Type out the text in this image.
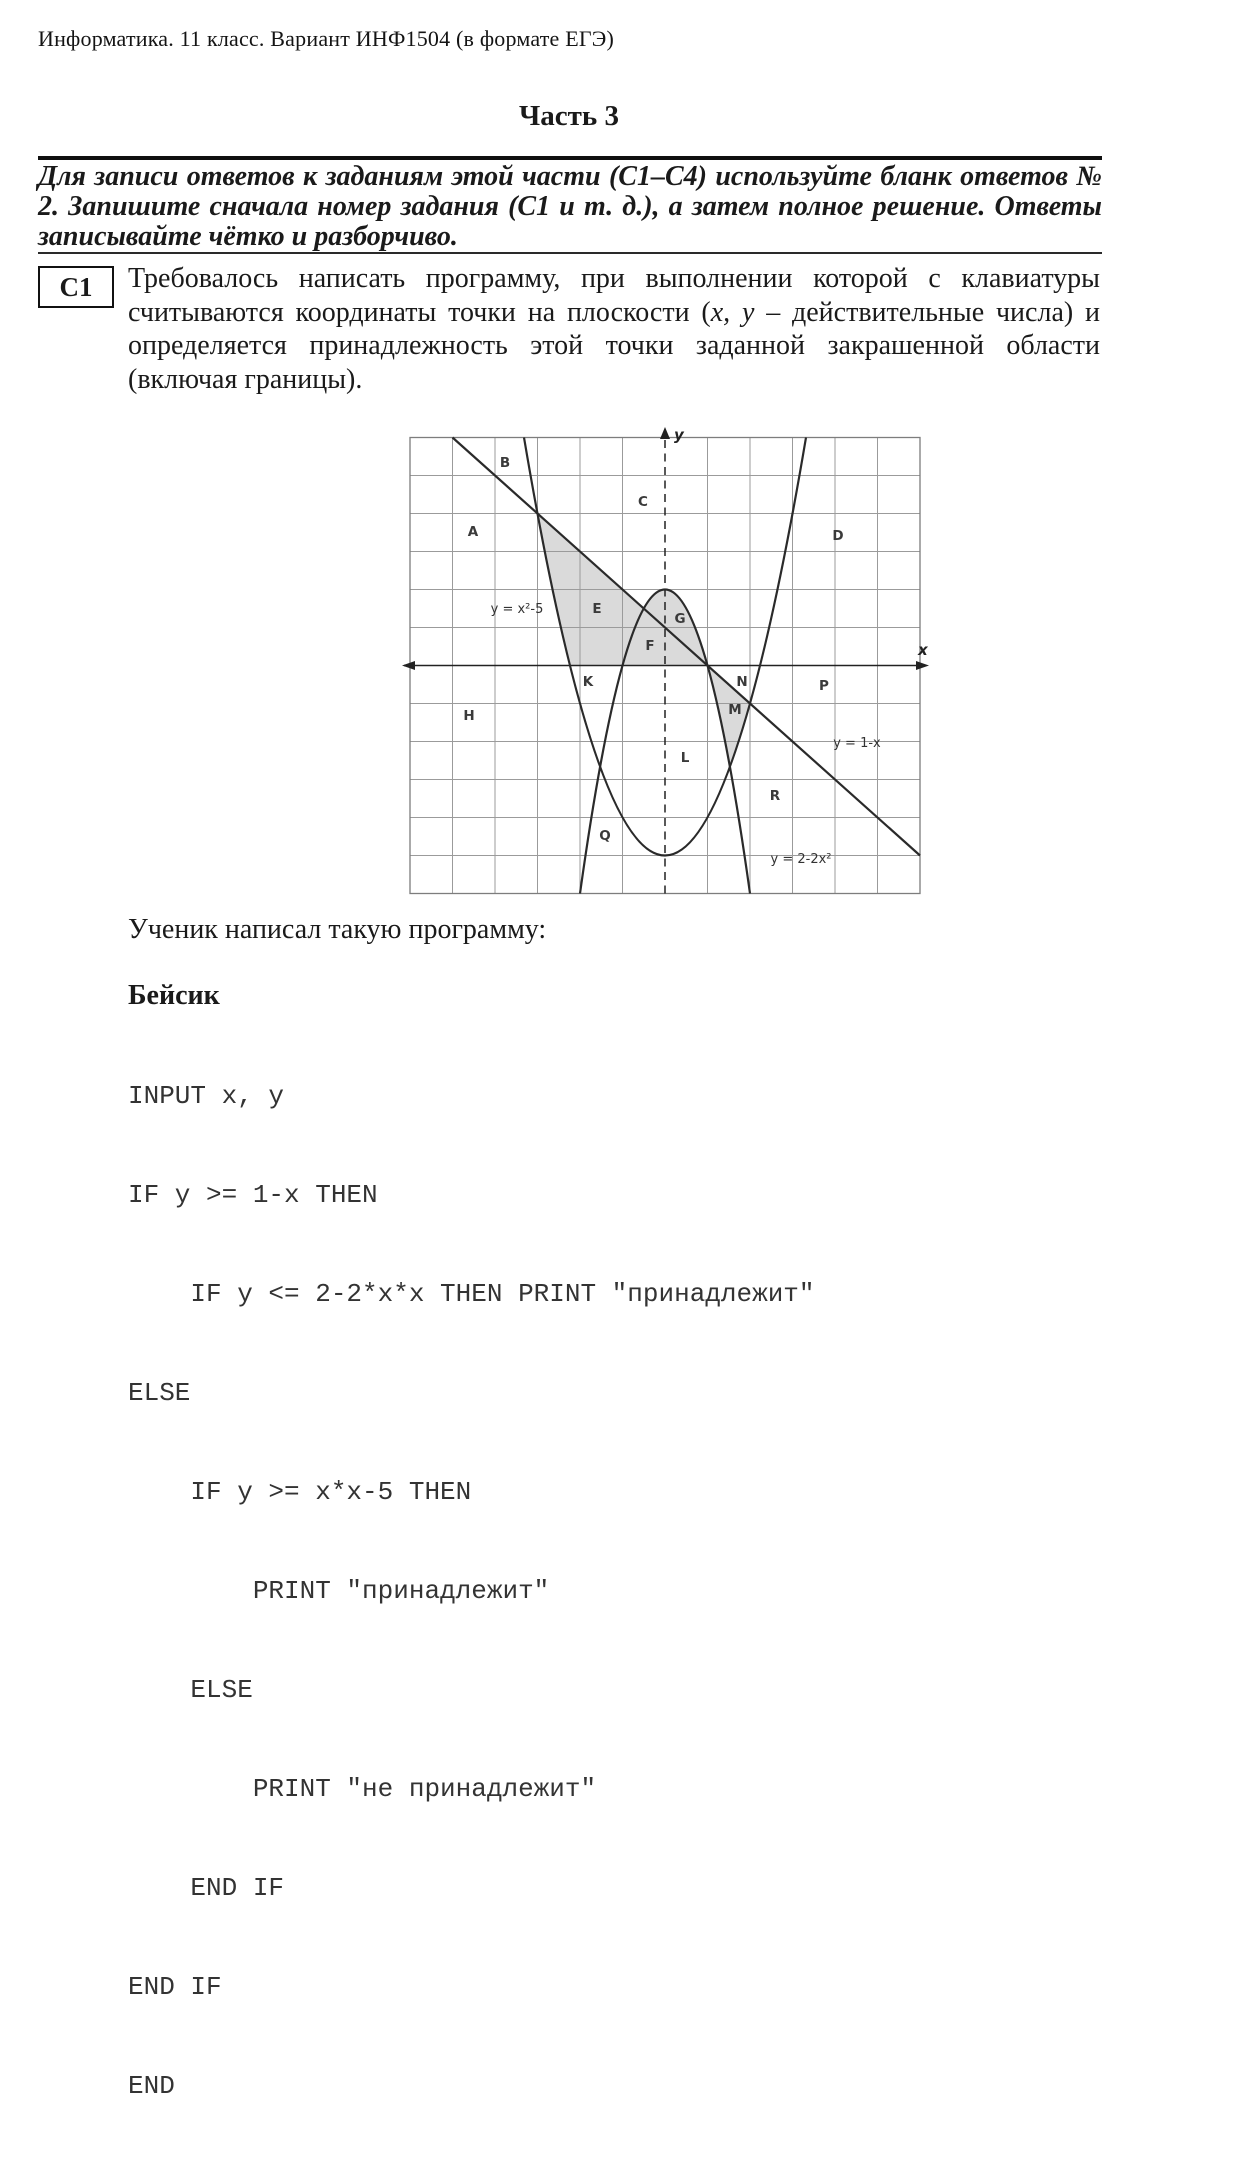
Информатика. 11 класс. Вариант ИНФ1504 (в формате ЕГЭ)
Часть 3

Для записи ответов к заданиям этой части (С1–С4) используйте бланк ответов № 2. Запишите сначала номер задания (С1 и т. д.), а затем полное решение. Ответы записывайте чётко и разборчиво.

С1 Требовалось написать программу, при выполнении которой с клавиатуры считываются координаты точки на плоскости (x, y – действительные числа) и определяется принадлежность этой точки заданной закрашенной области (включая границы).

y
x
A
B
C
D
E
F
G
H
K
L
M
N	P
Q
R
y = x²-5
y = 1-x
y = 2-2x²

Ученик написал такую программу:

Бейсик

INPUT x, y

IF y >= 1-x THEN

IF y <= 2-2*x*x THEN PRINT "принадлежит"

ELSE

IF y >= x*x-5 THEN

PRINT "принадлежит"

ELSE

PRINT "не принадлежит"

END IF

END IF

END
